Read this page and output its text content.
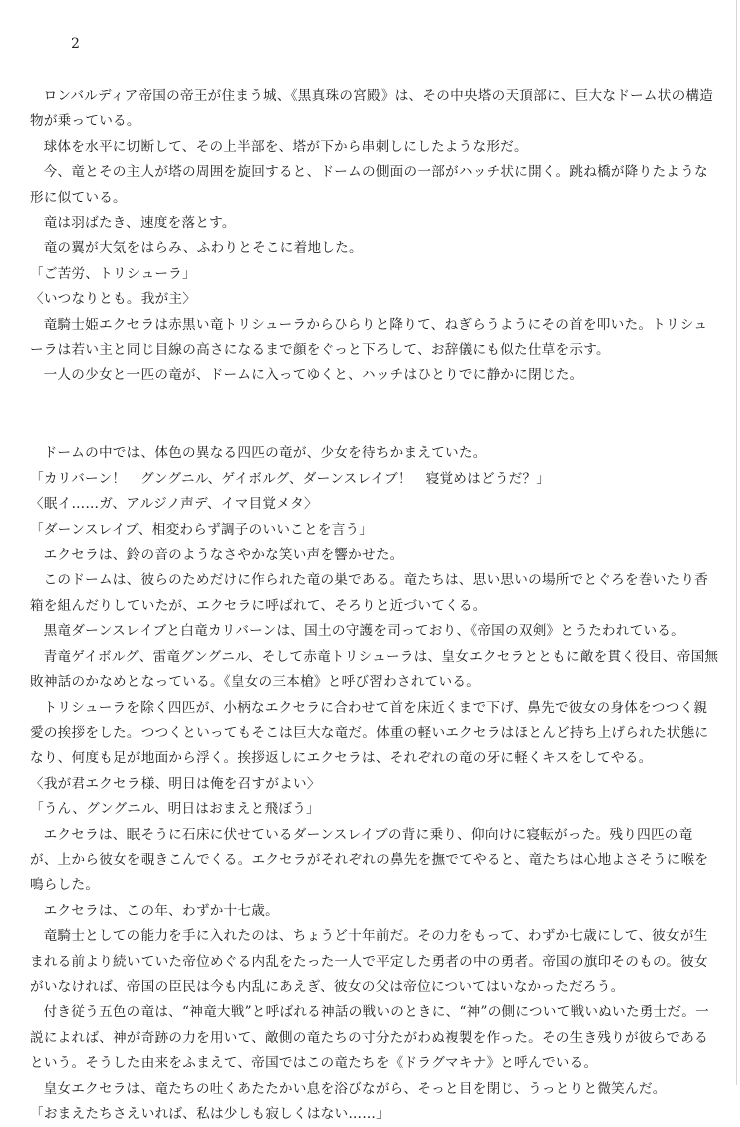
2

ロンバルディア帝国の帝王が住まう城、《黒真珠の宮殿》は、その中央塔の天頂部に、巨大なドーム状の構造物が乗っている。

球体を水平に切断して、その上半部を、塔が下から串刺しにしたような形だ。

今、竜とその主人が塔の周囲を旋回すると、ドームの側面の一部がハッチ状に開く。跳ね橋が降りたような形に似ている。

竜は羽ばたき、速度を落とす。

竜の翼が大気をはらみ、ふわりとそこに着地した。

「ご苦労、トリシューラ」

〈いつなりとも。我が主〉

竜騎士姫エクセラは赤黒い竜トリシューラからひらりと降りて、ねぎらうようにその首を叩いた。トリシューラは若い主と同じ目線の高さになるまで顔をぐっと下ろして、お辞儀にも似た仕草を示す。

一人の少女と一匹の竜が、ドームに入ってゆくと、ハッチはひとりでに静かに閉じた。

ドームの中では、体色の異なる四匹の竜が、少女を待ちかまえていた。

「カリバーン！　グングニル、ゲイボルグ、ダーンスレイブ！　寝覚めはどうだ？」

〈眠イ……ガ、アルジノ声デ、イマ目覚メタ〉

「ダーンスレイブ、相変わらず調子のいいことを言う」

エクセラは、鈴の音のようなさやかな笑い声を響かせた。

このドームは、彼らのためだけに作られた竜の巣である。竜たちは、思い思いの場所でとぐろを巻いたり香箱を組んだりしていたが、エクセラに呼ばれて、そろりと近づいてくる。

黒竜ダーンスレイブと白竜カリバーンは、国土の守護を司っており、《帝国の双剣》とうたわれている。

青竜ゲイボルグ、雷竜グングニル、そして赤竜トリシューラは、皇女エクセラとともに敵を貫く役目、帝国無敗神話のかなめとなっている。《皇女の三本槍》と呼び習わされている。

トリシューラを除く四匹が、小柄なエクセラに合わせて首を床近くまで下げ、鼻先で彼女の身体をつつく親愛の挨拶をした。つつくといってもそこは巨大な竜だ。体重の軽いエクセラはほとんど持ち上げられた状態になり、何度も足が地面から浮く。挨拶返しにエクセラは、それぞれの竜の牙に軽くキスをしてやる。

〈我が君エクセラ様、明日は俺を召すがよい〉

「うん、グングニル、明日はおまえと飛ぼう」

エクセラは、眠そうに石床に伏せているダーンスレイブの背に乗り、仰向けに寝転がった。残り四匹の竜が、上から彼女を覗きこんでくる。エクセラがそれぞれの鼻先を撫でてやると、竜たちは心地よさそうに喉を鳴らした。

エクセラは、この年、わずか十七歳。

竜騎士としての能力を手に入れたのは、ちょうど十年前だ。その力をもって、わずか七歳にして、彼女が生まれる前より続いていた帝位めぐる内乱をたった一人で平定した勇者の中の勇者。帝国の旗印そのもの。彼女がいなければ、帝国の臣民は今も内乱にあえぎ、彼女の父は帝位についてはいなかっただろう。

付き従う五色の竜は、“神竜大戦”と呼ばれる神話の戦いのときに、“神”の側について戦いぬいた勇士だ。一説によれば、神が奇跡の力を用いて、敵側の竜たちの寸分たがわぬ複製を作った。その生き残りが彼らであるという。そうした由来をふまえて、帝国ではこの竜たちを《ドラグマキナ》と呼んでいる。

皇女エクセラは、竜たちの吐くあたたかい息を浴びながら、そっと目を閉じ、うっとりと微笑んだ。

「おまえたちさえいれば、私は少しも寂しくはない……」
